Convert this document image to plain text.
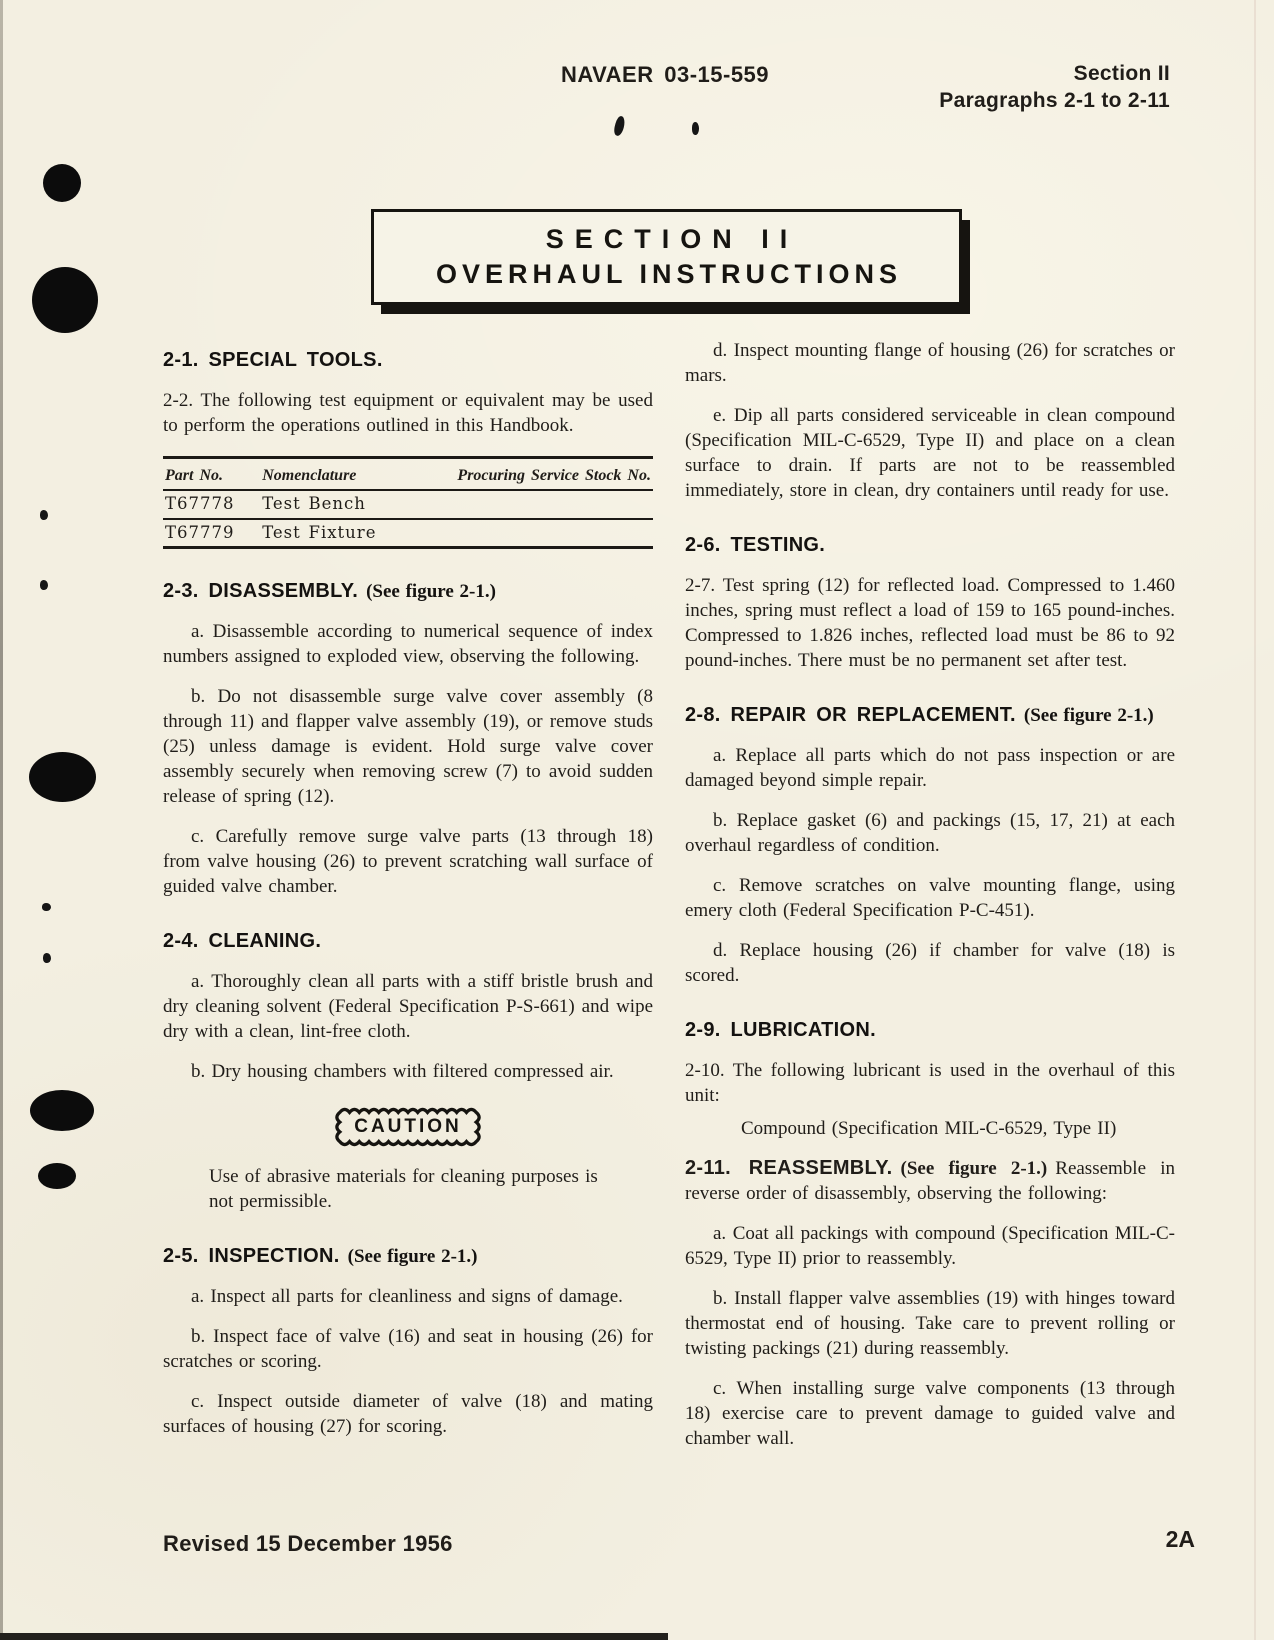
NAVAER 03-15-559	Section II
Paragraphs 2-1 to 2-11
SECTION II
OVERHAUL INSTRUCTIONS
2-1. SPECIAL TOOLS.

2-2. The following test equipment or equivalent may be used to perform the operations outlined in this Handbook.

Part No.	Nomenclature	Procuring Service Stock No.
T67778	Test Bench
T67779	Test Fixture
2-3. DISASSEMBLY. (See figure 2-1.)

a. Disassemble according to numerical sequence of index numbers assigned to exploded view, observing the following.

b. Do not disassemble surge valve cover assembly (8 through 11) and flapper valve assembly (19), or remove studs (25) unless damage is evident. Hold surge valve cover assembly securely when removing screw (7) to avoid sudden release of spring (12).

c. Carefully remove surge valve parts (13 through 18) from valve housing (26) to prevent scratching wall surface of guided valve chamber.

2-4. CLEANING.

a. Thoroughly clean all parts with a stiff bristle brush and dry cleaning solvent (Federal Specification P-S-661) and wipe dry with a clean, lint-free cloth.

b. Dry housing chambers with filtered compressed air.

CAUTION

Use of abrasive materials for cleaning purposes is not permissible.

2-5. INSPECTION. (See figure 2-1.)

a. Inspect all parts for cleanliness and signs of damage.

b. Inspect face of valve (16) and seat in housing (26) for scratches or scoring.

c. Inspect outside diameter of valve (18) and mating surfaces of housing (27) for scoring.

d. Inspect mounting flange of housing (26) for scratches or mars.

e. Dip all parts considered serviceable in clean compound (Specification MIL-C-6529, Type II) and place on a clean surface to drain. If parts are not to be reassembled immediately, store in clean, dry containers until ready for use.

2-6. TESTING.

2-7. Test spring (12) for reflected load. Compressed to 1.460 inches, spring must reflect a load of 159 to 165 pound-inches. Compressed to 1.826 inches, reflected load must be 86 to 92 pound-inches. There must be no permanent set after test.

2-8. REPAIR OR REPLACEMENT. (See figure 2-1.)

a. Replace all parts which do not pass inspection or are damaged beyond simple repair.

b. Replace gasket (6) and packings (15, 17, 21) at each overhaul regardless of condition.

c. Remove scratches on valve mounting flange, using emery cloth (Federal Specification P-C-451).

d. Replace housing (26) if chamber for valve (18) is scored.

2-9. LUBRICATION.

2-10. The following lubricant is used in the overhaul of this unit:

Compound (Specification MIL-C-6529, Type II)

2-11. REASSEMBLY. (See figure 2-1.) Reassemble in reverse order of disassembly, observing the following:

a. Coat all packings with compound (Specification MIL-C-6529, Type II) prior to reassembly.

b. Install flapper valve assemblies (19) with hinges toward thermostat end of housing. Take care to prevent rolling or twisting packings (21) during reassembly.

c. When installing surge valve components (13 through 18) exercise care to prevent damage to guided valve and chamber wall.

Revised 15 December 1956	2A
